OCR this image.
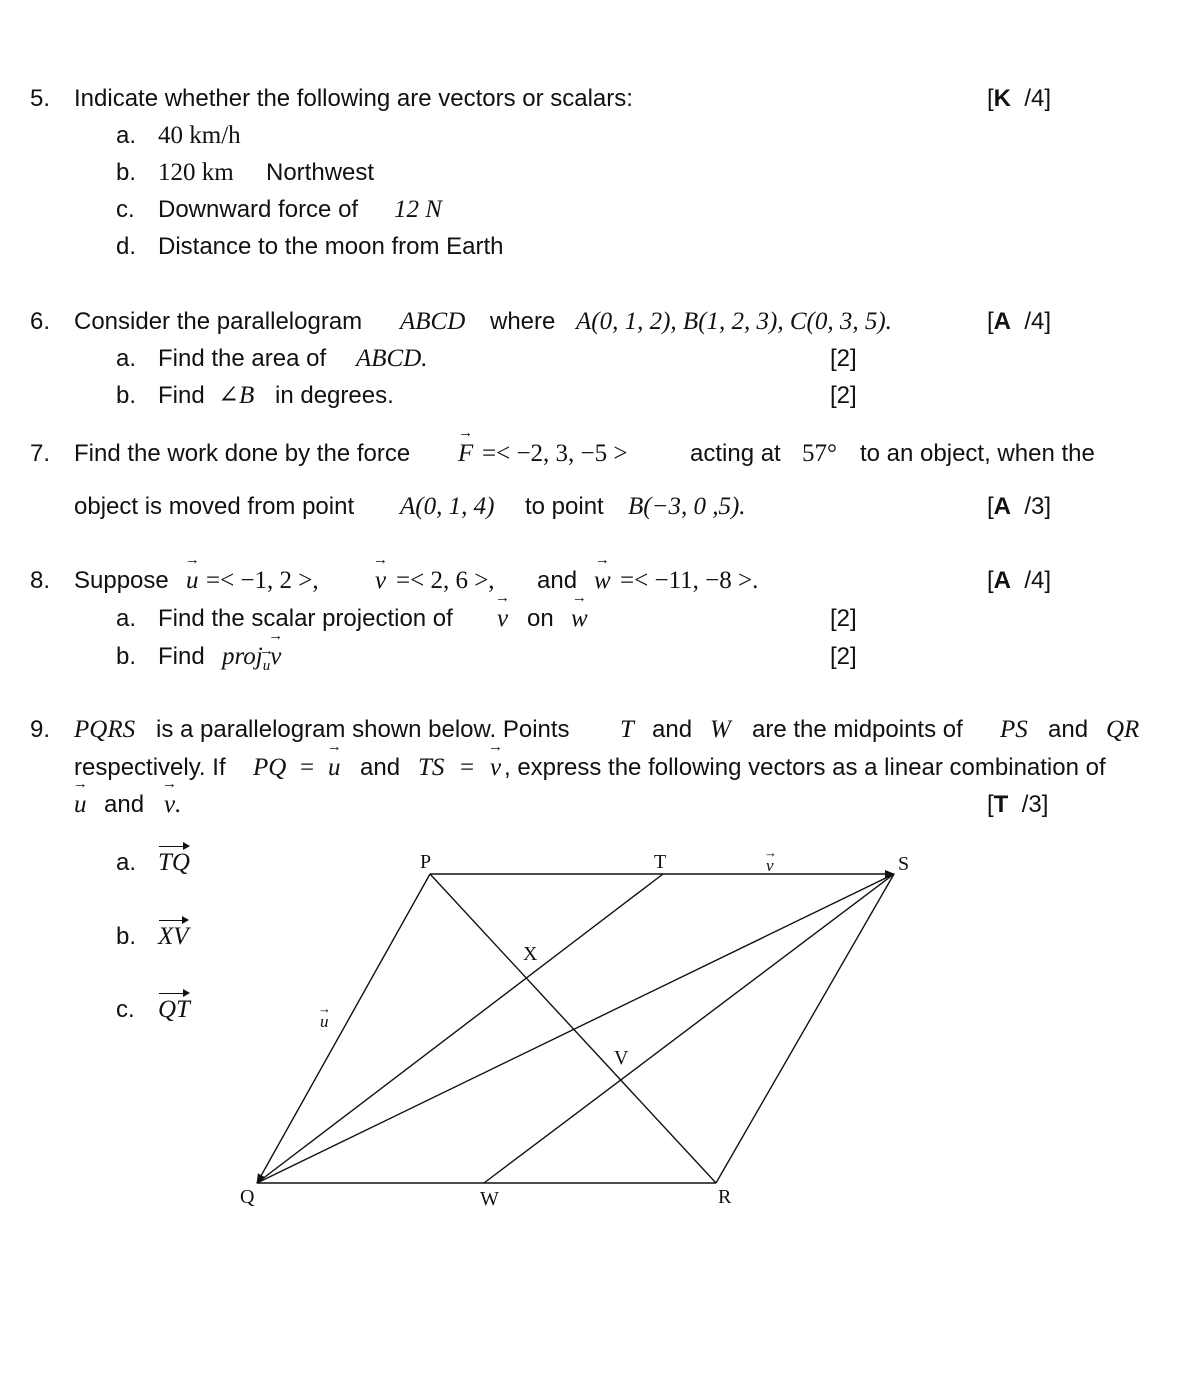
5. Indicate whether the following are vectors or scalars:	[K /4]
a. 40 km/h
b. 120 km Northwest
c. Downward force of 12 N
d. Distance to the moon from Earth
6. Consider the parallelogram ABCD where A(0, 1, 2), B(1, 2, 3), C(0, 3, 5).	[A /4]
a. Find the area of ABCD.	[2]
b. Find ∠B in degrees.	[2]
7. Find the work done by the force → F =< −2, 3, −5 >	acting at 57° to an object, when the
object is moved from point A(0, 1, 4) to point B(−3, 0 ,5).	[A /3]
8. Suppose → u =< −1, 2 >, → v =< 2, 6 >, and → w =< −11, −8 >.	[A /4]
a. Find the scalar projection of → v on → w	[2]
b. Find proj→ $_u$→ v	[2]
9. PQRS is a parallelogram shown below. Points T and W are the midpoints of PS and QR
respectively. If PQ = → u and TS = → v , express the following vectors as a linear combination of
→ u and → v.	[T /3]
a. TQ
b. XV
c. QT
P	T	S
Q	W	R
X
V
v
→
u
→
